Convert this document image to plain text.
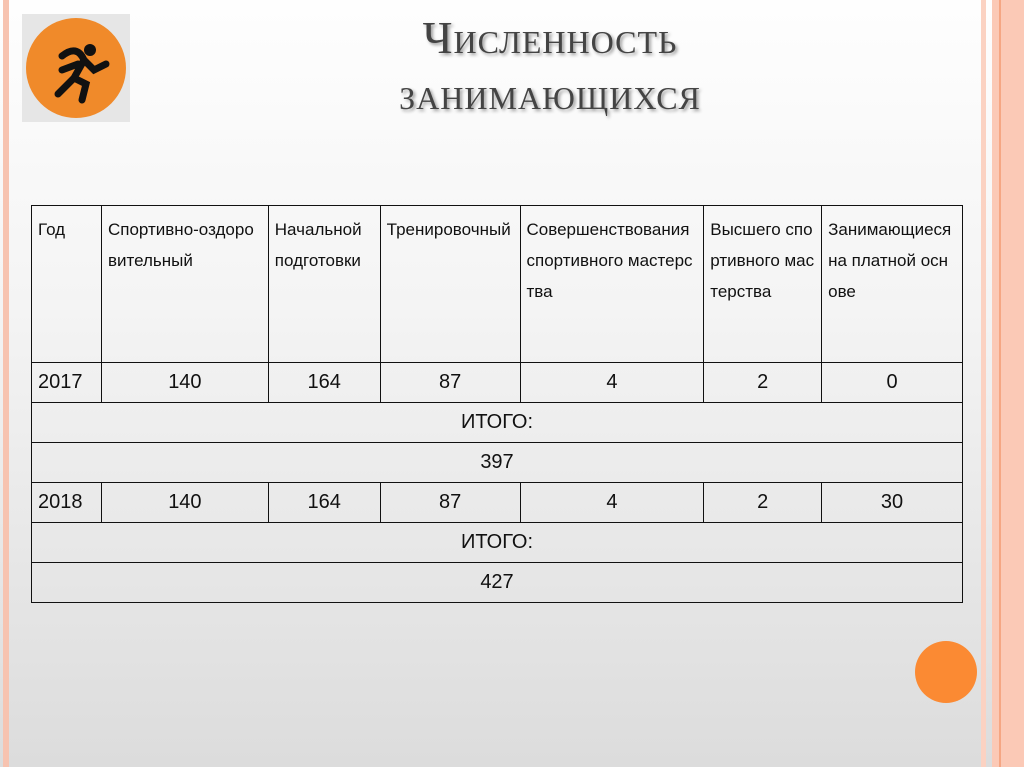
Численность
занимающихся
Год	Спортивно-оздоровительный	Начальной подготовки	Тренировочный	Совершенствования спортивного мастерства	Высшего спортивного мастерства	Занимающиеся на платной основе
2017	140	164	87	4	2	0
ИТОГО:						
397						
2018	140	164	87	4	2	30
ИТОГО:						
427						
